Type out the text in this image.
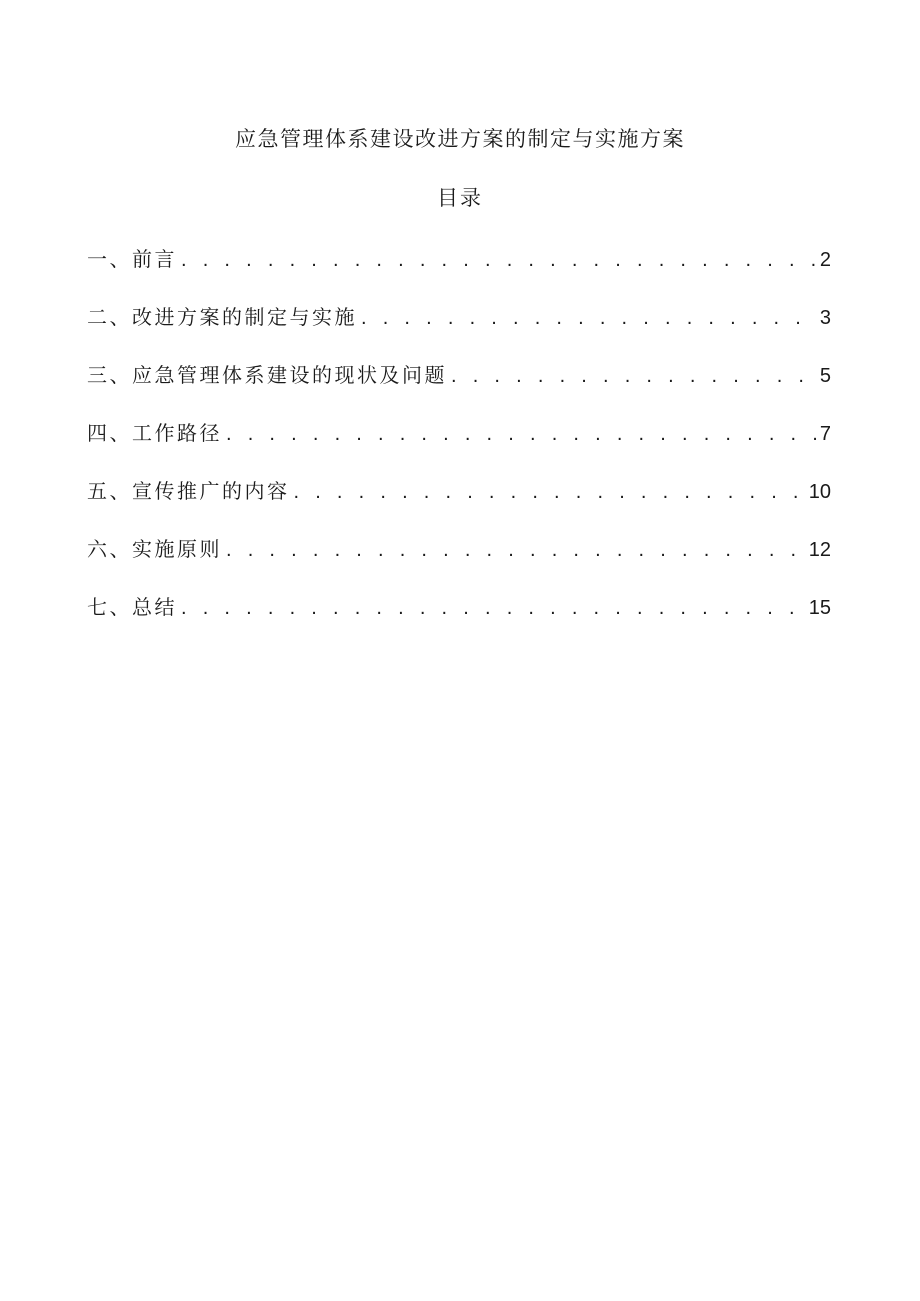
应急管理体系建设改进方案的制定与实施方案
目录
一、前言 . . .	2
二、改进方案的制定与实施 . . .	3
三、应急管理体系建设的现状及问题 . . .	5
四、工作路径 . . .	7
五、宣传推广的内容 . . .	10
六、实施原则 . . .	12
七、总结 . . .	15
